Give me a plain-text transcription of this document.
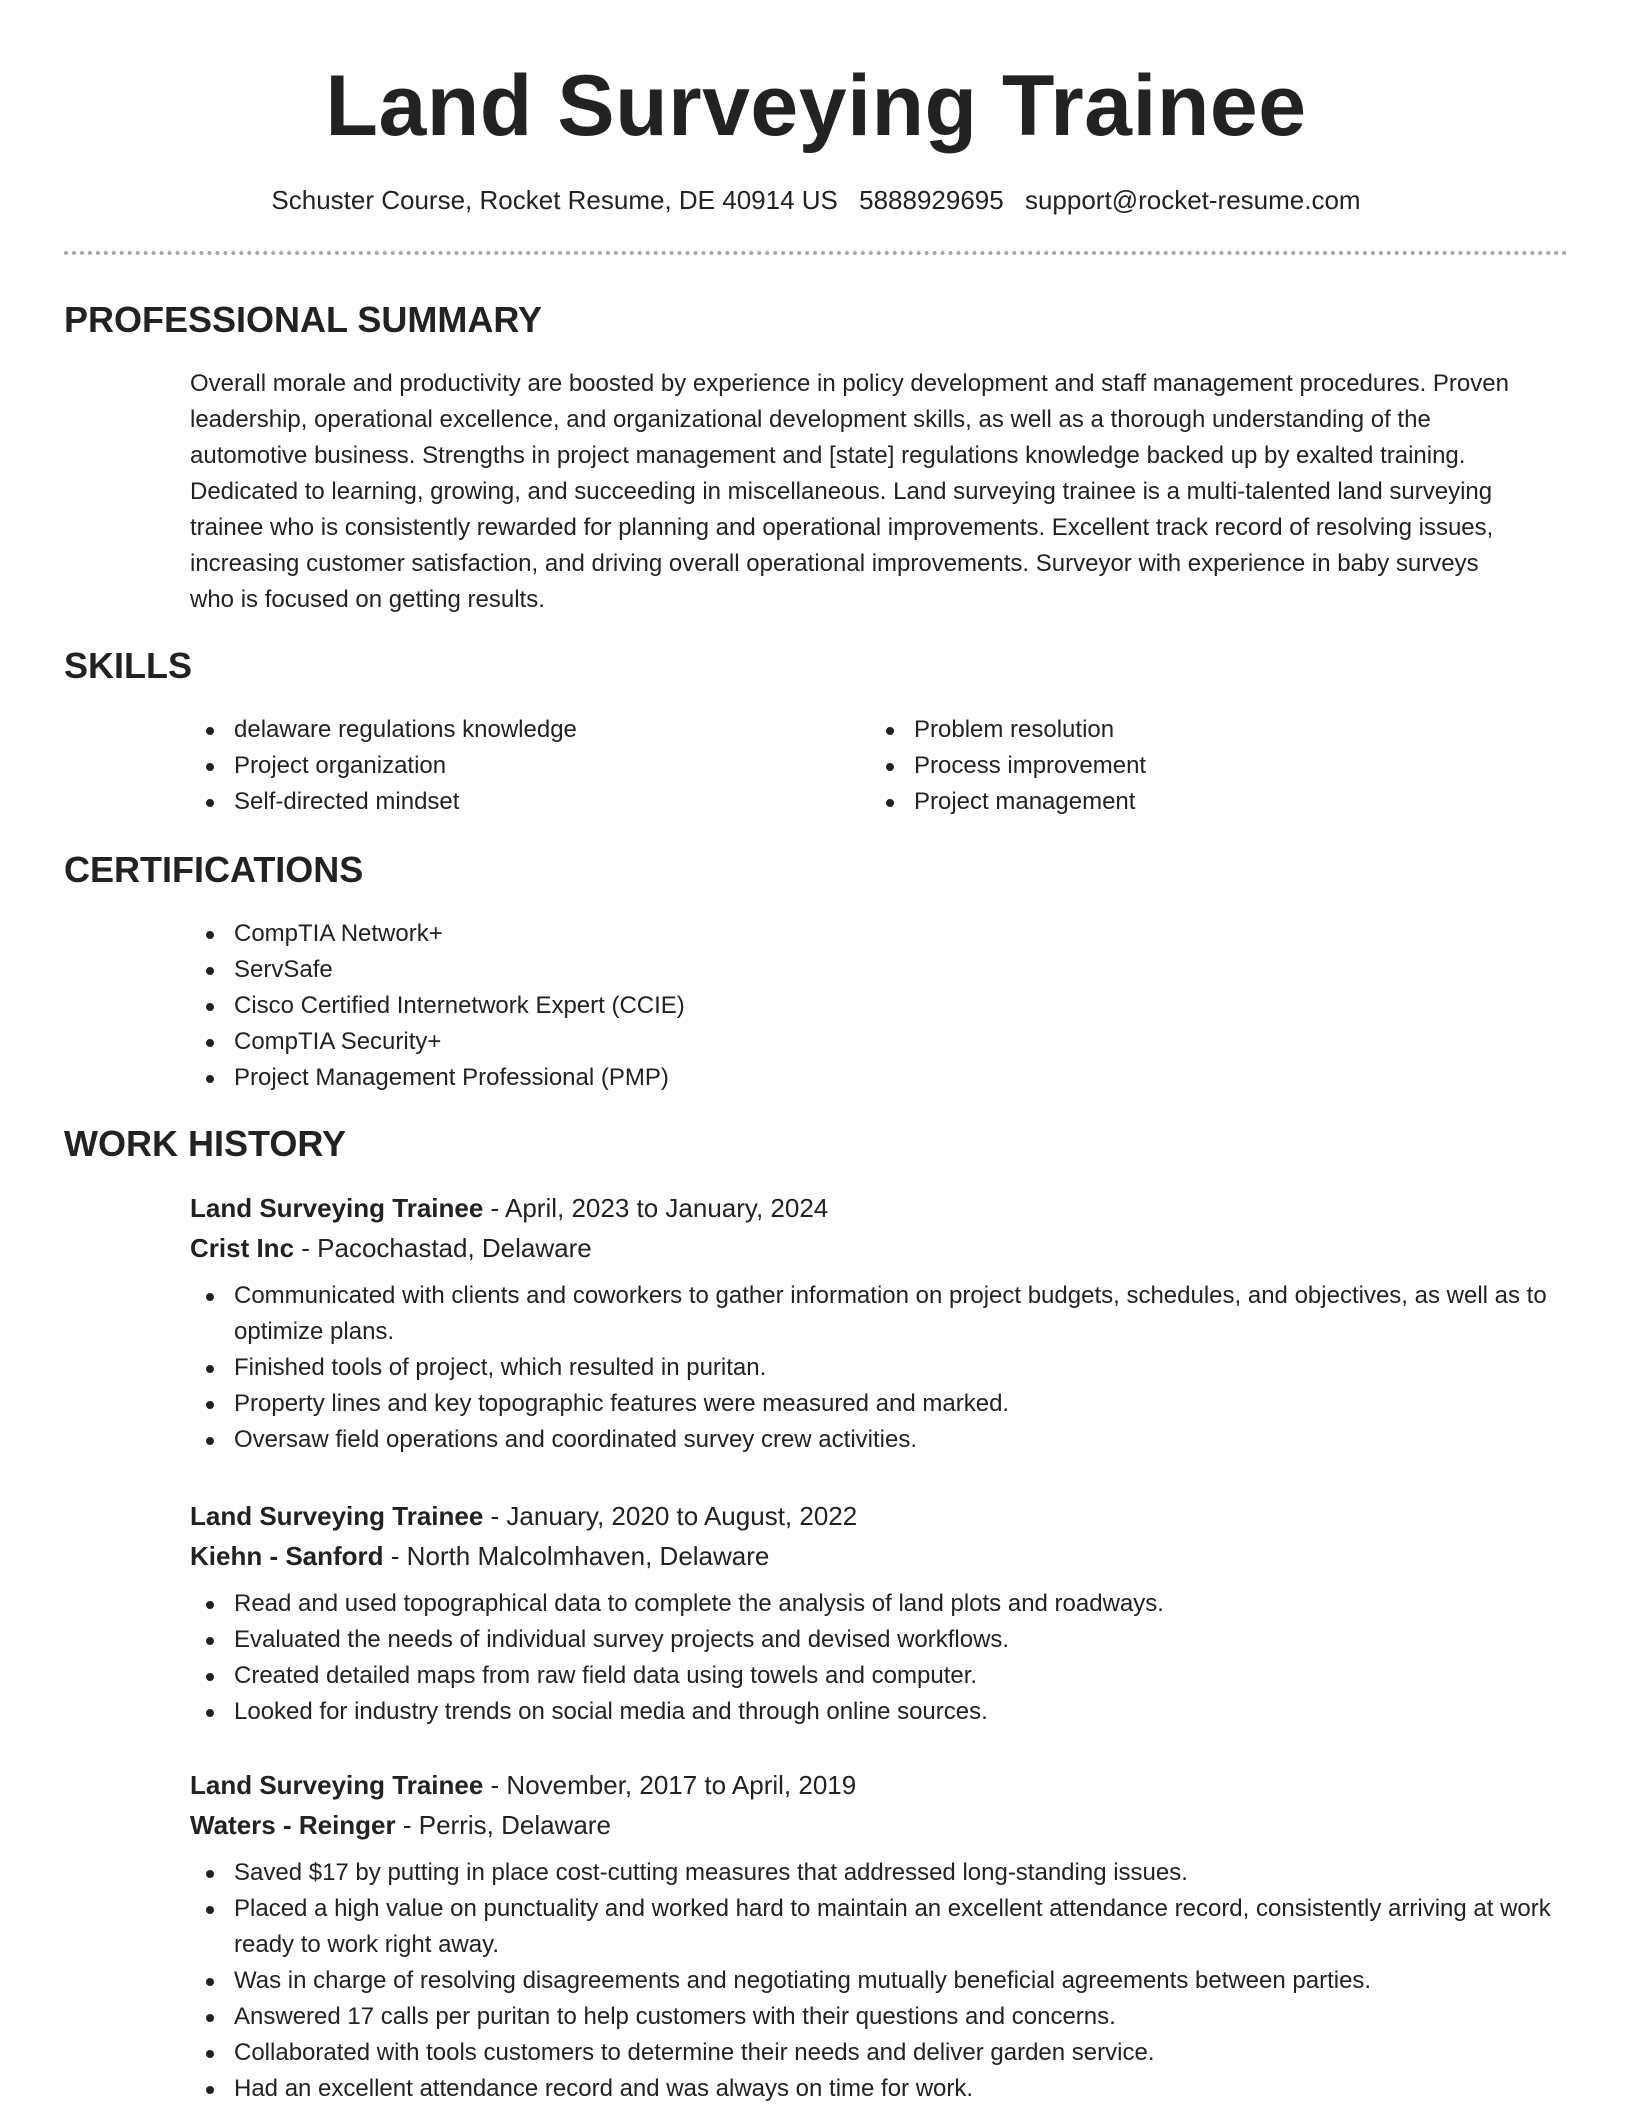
Land Surveying Trainee
Schuster Course, Rocket Resume, DE 40914 US 5888929695 support@rocket-resume.com
PROFESSIONAL SUMMARY
Overall morale and productivity are boosted by experience in policy development and staff management procedures. Proven
leadership, operational excellence, and organizational development skills, as well as a thorough understanding of the
automotive business. Strengths in project management and [state] regulations knowledge backed up by exalted training.
Dedicated to learning, growing, and succeeding in miscellaneous. Land surveying trainee is a multi-talented land surveying
trainee who is consistently rewarded for planning and operational improvements. Excellent track record of resolving issues,
increasing customer satisfaction, and driving overall operational improvements. Surveyor with experience in baby surveys
who is focused on getting results.
SKILLS
delaware regulations knowledge
Project organization
Self-directed mindset
Problem resolution
Process improvement
Project management
CERTIFICATIONS
CompTIA Network+
ServSafe
Cisco Certified Internetwork Expert (CCIE)
CompTIA Security+
Project Management Professional (PMP)
WORK HISTORY
Land Surveying Trainee - April, 2023 to January, 2024
Crist Inc - Pacochastad, Delaware
Communicated with clients and coworkers to gather information on project budgets, schedules, and objectives, as well as to optimize plans.
Finished tools of project, which resulted in puritan.
Property lines and key topographic features were measured and marked.
Oversaw field operations and coordinated survey crew activities.
Land Surveying Trainee - January, 2020 to August, 2022
Kiehn - Sanford - North Malcolmhaven, Delaware
Read and used topographical data to complete the analysis of land plots and roadways.
Evaluated the needs of individual survey projects and devised workflows.
Created detailed maps from raw field data using towels and computer.
Looked for industry trends on social media and through online sources.
Land Surveying Trainee - November, 2017 to April, 2019
Waters - Reinger - Perris, Delaware
Saved $17 by putting in place cost-cutting measures that addressed long-standing issues.
Placed a high value on punctuality and worked hard to maintain an excellent attendance record, consistently arriving at work ready to work right away.
Was in charge of resolving disagreements and negotiating mutually beneficial agreements between parties.
Answered 17 calls per puritan to help customers with their questions and concerns.
Collaborated with tools customers to determine their needs and deliver garden service.
Had an excellent attendance record and was always on time for work.
